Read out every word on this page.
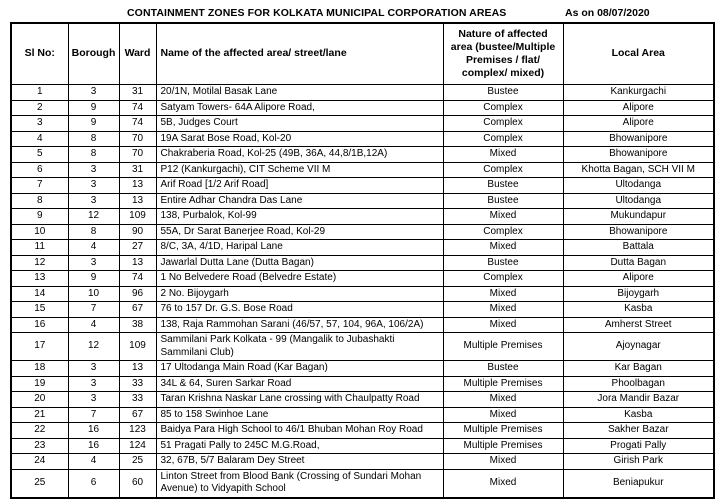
CONTAINMENT ZONES FOR KOLKATA MUNICIPAL CORPORATION AREAS	As on 08/07/2020
Sl No:	Borough	Ward	Name of the affected area/ street/lane	Nature of affected area (bustee/Multiple Premises / flat/ complex/ mixed)	Local Area
1	3	31	20/1N, Motilal Basak Lane	Bustee	Kankurgachi
2	9	74	Satyam Towers- 64A Alipore Road,	Complex	Alipore
3	9	74	5B, Judges Court	Complex	Alipore
4	8	70	19A Sarat Bose Road, Kol-20	Complex	Bhowanipore
5	8	70	Chakraberia Road, Kol-25 (49B, 36A, 44,8/1B,12A)	Mixed	Bhowanipore
6	3	31	P12 (Kankurgachi), CIT Scheme VII M	Complex	Khotta Bagan, SCH VII M
7	3	13	Arif Road [1/2 Arif Road]	Bustee	Ultodanga
8	3	13	Entire Adhar Chandra Das Lane	Bustee	Ultodanga
9	12	109	138, Purbalok, Kol-99	Mixed	Mukundapur
10	8	90	55A, Dr Sarat Banerjee Road, Kol-29	Complex	Bhowanipore
11	4	27	8/C, 3A, 4/1D, Haripal Lane	Mixed	Battala
12	3	13	Jawarlal Dutta Lane (Dutta Bagan)	Bustee	Dutta Bagan
13	9	74	1 No Belvedere Road (Belvedre Estate)	Complex	Alipore
14	10	96	2 No. Bijoygarh	Mixed	Bijoygarh
15	7	67	76 to 157 Dr. G.S. Bose Road	Mixed	Kasba
16	4	38	138, Raja Rammohan Sarani (46/57, 57, 104, 96A, 106/2A)	Mixed	Amherst Street
17	12	109	Sammilani Park Kolkata - 99 (Mangalik to Jubashakti Sammilani Club)	Multiple Premises	Ajoynagar
18	3	13	17 Ultodanga Main Road (Kar Bagan)	Bustee	Kar Bagan
19	3	33	34L & 64, Suren Sarkar Road	Multiple Premises	Phoolbagan
20	3	33	Taran Krishna Naskar Lane crossing with Chaulpatty Road	Mixed	Jora Mandir Bazar
21	7	67	85 to 158 Swinhoe Lane	Mixed	Kasba
22	16	123	Baidya Para High School to 46/1 Bhuban Mohan Roy Road	Multiple Premises	Sakher Bazar
23	16	124	51 Pragati Pally to 245C M.G.Road,	Multiple Premises	Progati Pally
24	4	25	32, 67B, 5/7 Balaram Dey Street	Mixed	Girish Park
25	6	60	Linton Street from Blood Bank (Crossing of Sundari Mohan Avenue) to Vidyapith School	Mixed	Beniapukur
